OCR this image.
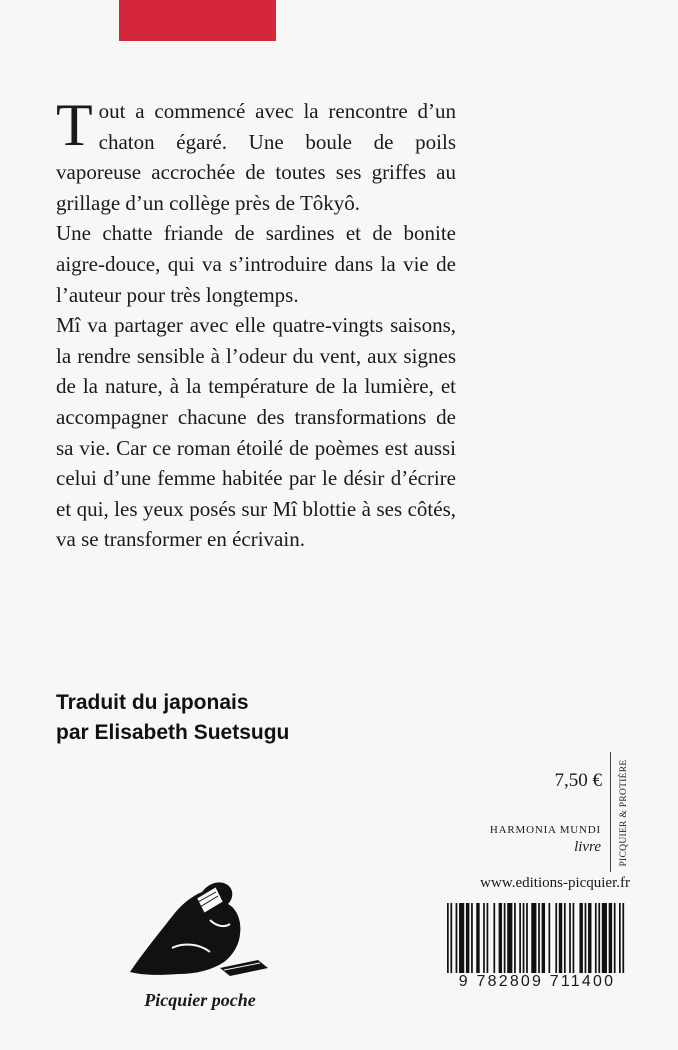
Tout a commencé avec la rencontre d’un chaton égaré. Une boule de poils vaporeuse accrochée de toutes ses griffes au grillage d’un collège près de Tôkyô.

Une chatte friande de sardines et de bonite aigre-douce, qui va s’introduire dans la vie de l’auteur pour très longtemps.

Mî va partager avec elle quatre-vingts saisons, la rendre sensible à l’odeur du vent, aux signes de la nature, à la température de la lumière, et accompagner chacune des transformations de sa vie. Car ce roman étoilé de poèmes est aussi celui d’une femme habitée par le désir d’écrire et qui, les yeux posés sur Mî blottie à ses côtés, va se transformer en écrivain.

Traduit du japonais
par Elisabeth Suetsugu
7,50 € PICQUIER & PROTIÈRE
HARMONIA MUNDI
livre
www.editions-picquier.fr
9 782809 711400
Picquier poche
